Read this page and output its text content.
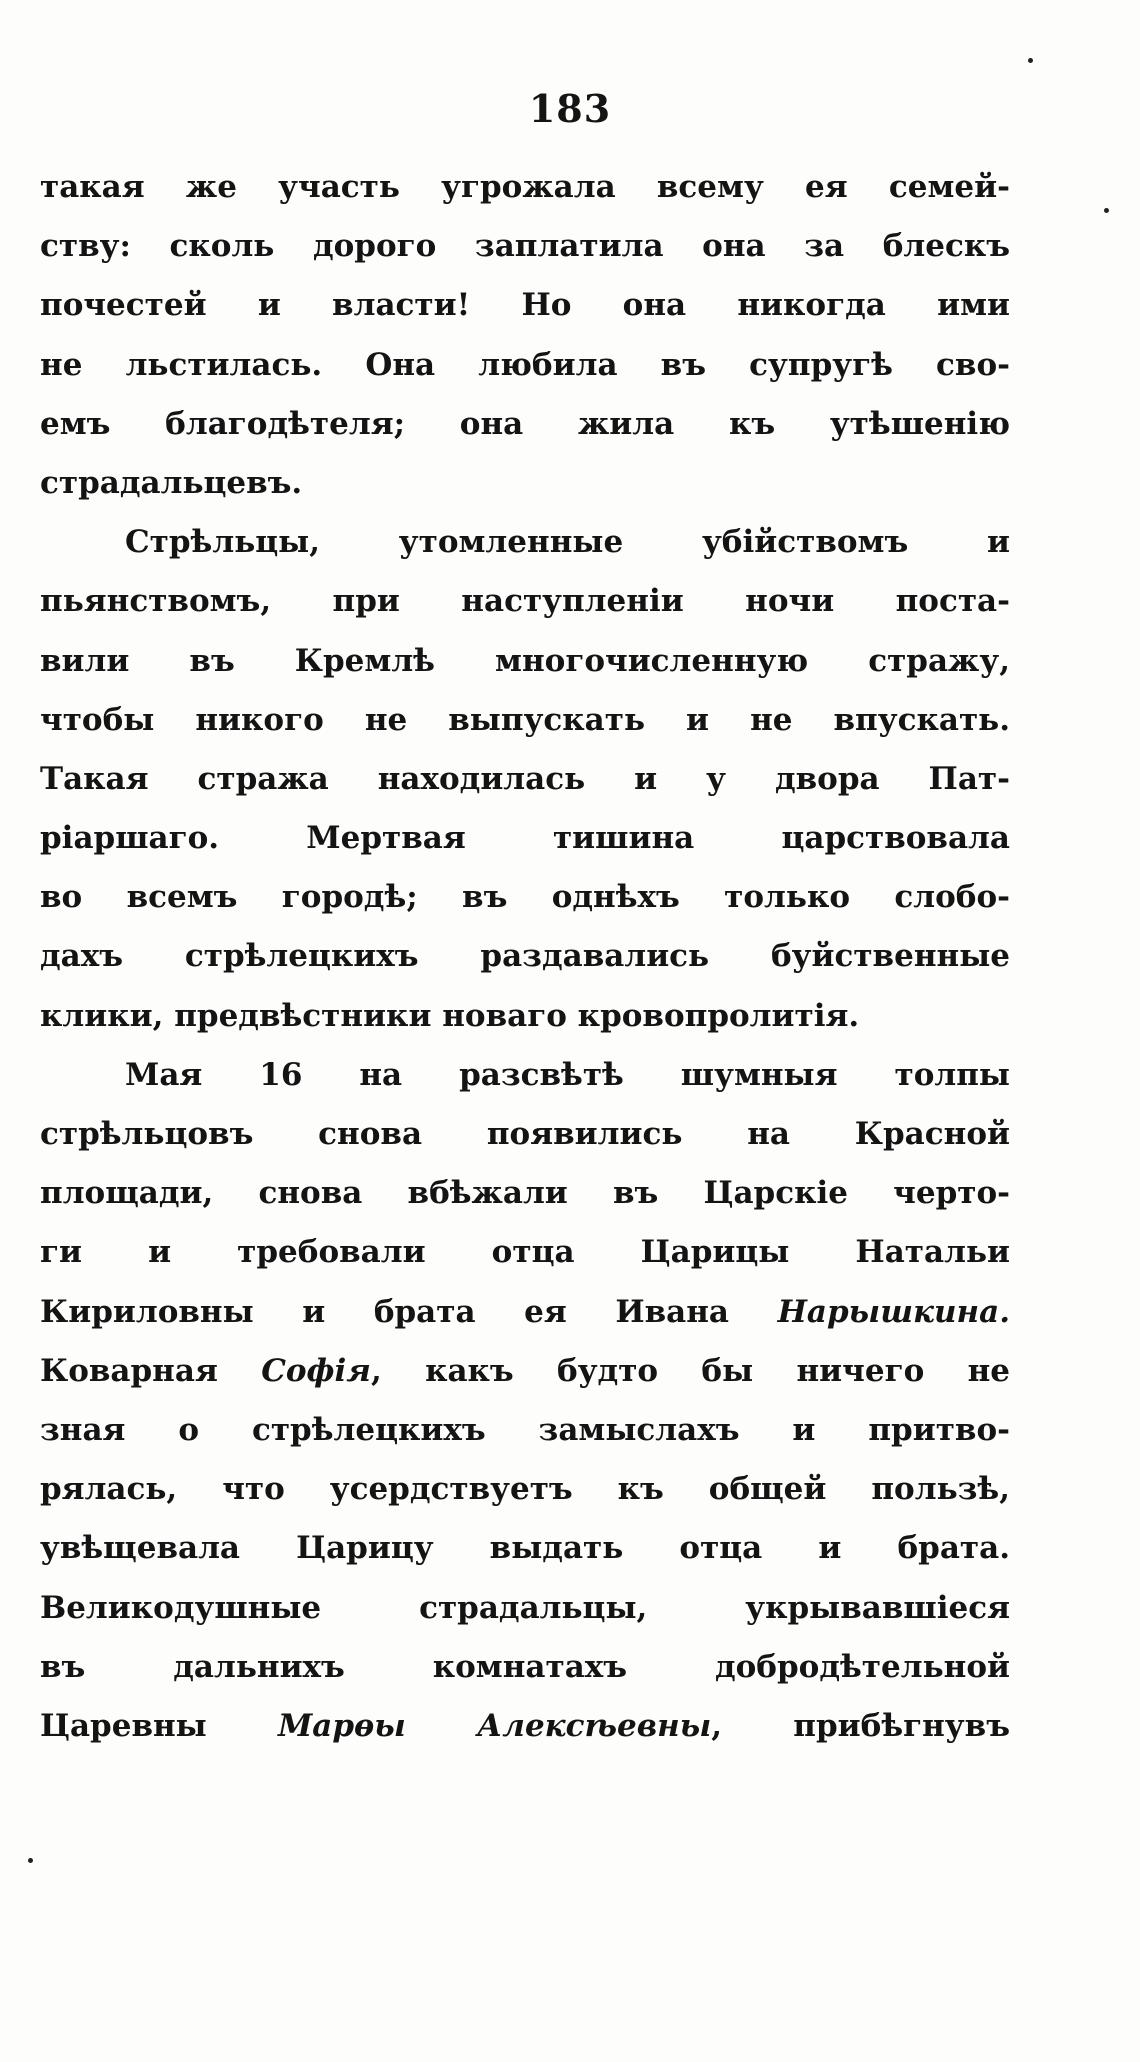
183
такая же участь угрожала всему ея семей-
ству: сколь дорого заплатила она за блескъ
почестей и власти! Но она никогда ими
не льстилась. Она любила въ супругѣ сво-
емъ благодѣтеля; она жила къ утѣшенію
страдальцевъ.
Стрѣльцы, утомленные убійствомъ и
пьянствомъ, при наступленіи ночи поста-
вили въ Кремлѣ многочисленную стражу,
чтобы никого не выпускать и не впускать.
Такая стража находилась и у двора Пат-
ріаршаго. Мертвая тишина царствовала
во всемъ городѣ; въ однѣхъ только слобо-
дахъ стрѣлецкихъ раздавались буйственные
клики, предвѣстники новаго кровопролитія.
Мая 16 на разсвѣтѣ шумныя толпы
стрѣльцовъ снова появились на Красной
площади, снова вбѣжали въ Царскіе черто-
ги и требовали отца Царицы Натальи
Кириловны и брата ея Ивана Нарышкина.
Коварная Софія, какъ будто бы ничего не
зная о стрѣлецкихъ замыслахъ и притво-
рялась, что усердствуетъ къ общей пользѣ,
увѣщевала Царицу выдать отца и брата.
Великодушные страдальцы, укрывавшіеся
въ дальнихъ комнатахъ добродѣтельной
Царевны Марѳы Алексѣевны, прибѣгнувъ
